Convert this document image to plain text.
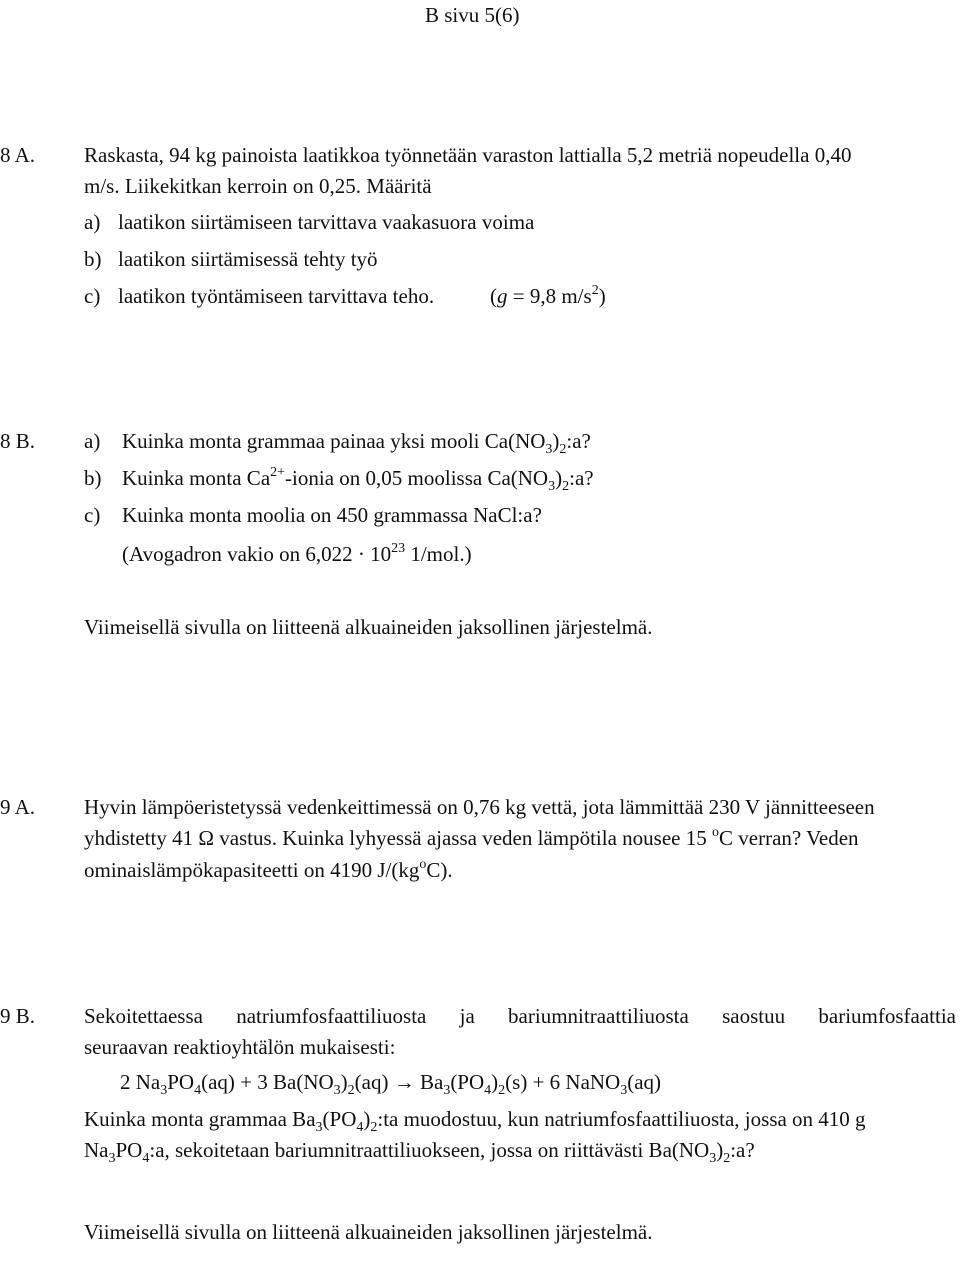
B sivu 5(6)
8 A. Raskasta, 94 kg painoista laatikkoa työnnetään varaston lattialla 5,2 metriä nopeudella 0,40
m/s. Liikekitkan kerroin on 0,25. Määritä
a) laatikon siirtämiseen tarvittava vaakasuora voima
b) laatikon siirtämisessä tehty työ
c) laatikon työntämiseen tarvittava teho.	(g = 9,8 $m/s^2$)
8 B. a) Kuinka monta grammaa painaa yksi mooli $Ca(NO_3)_2:a$?
b) Kuinka monta $Ca^{2+}$-ionia on 0,05 moolissa $Ca(NO_3)_2:a$?
c) Kuinka monta moolia on 450 grammassa NaCl:a?
(Avogadron vakio on $6,022 \cdot 10^{23}$ 1/mol.)
Viimeisellä sivulla on liitteenä alkuaineiden jaksollinen järjestelmä.
9 A. Hyvin lämpöeristetyssä vedenkeittimessä on 0,76 kg vettä, jota lämmittää 230 V jännitteeseen
yhdistetty 41 Ω vastus. Kuinka lyhyessä ajassa veden lämpötila nousee 15 $^o$C verran? Veden
ominaislämpökapasiteetti on 4190 $J/(kg^oC)$.
9 B. Sekoitettaessa natriumfosfaattiliuosta ja bariumnitraattiliuosta saostuu bariumfosfaattia
seuraavan reaktioyhtälön mukaisesti:
2 $Na_3PO_4(aq) + 3$ $Ba(NO_3)_2(aq) \to Ba_3(PO_4)_2(s) + 6$ NaNO$_3$(aq)
Kuinka monta grammaa $Ba_3(PO_4)_2:ta$ muodostuu, kun natriumfosfaattiliuosta, jossa on 410 g
$Na_3PO_4:a$, sekoitetaan bariumnitraattiliuokseen, jossa on riittävästi $Ba(NO_3)_2:a$?
Viimeisellä sivulla on liitteenä alkuaineiden jaksollinen järjestelmä.
